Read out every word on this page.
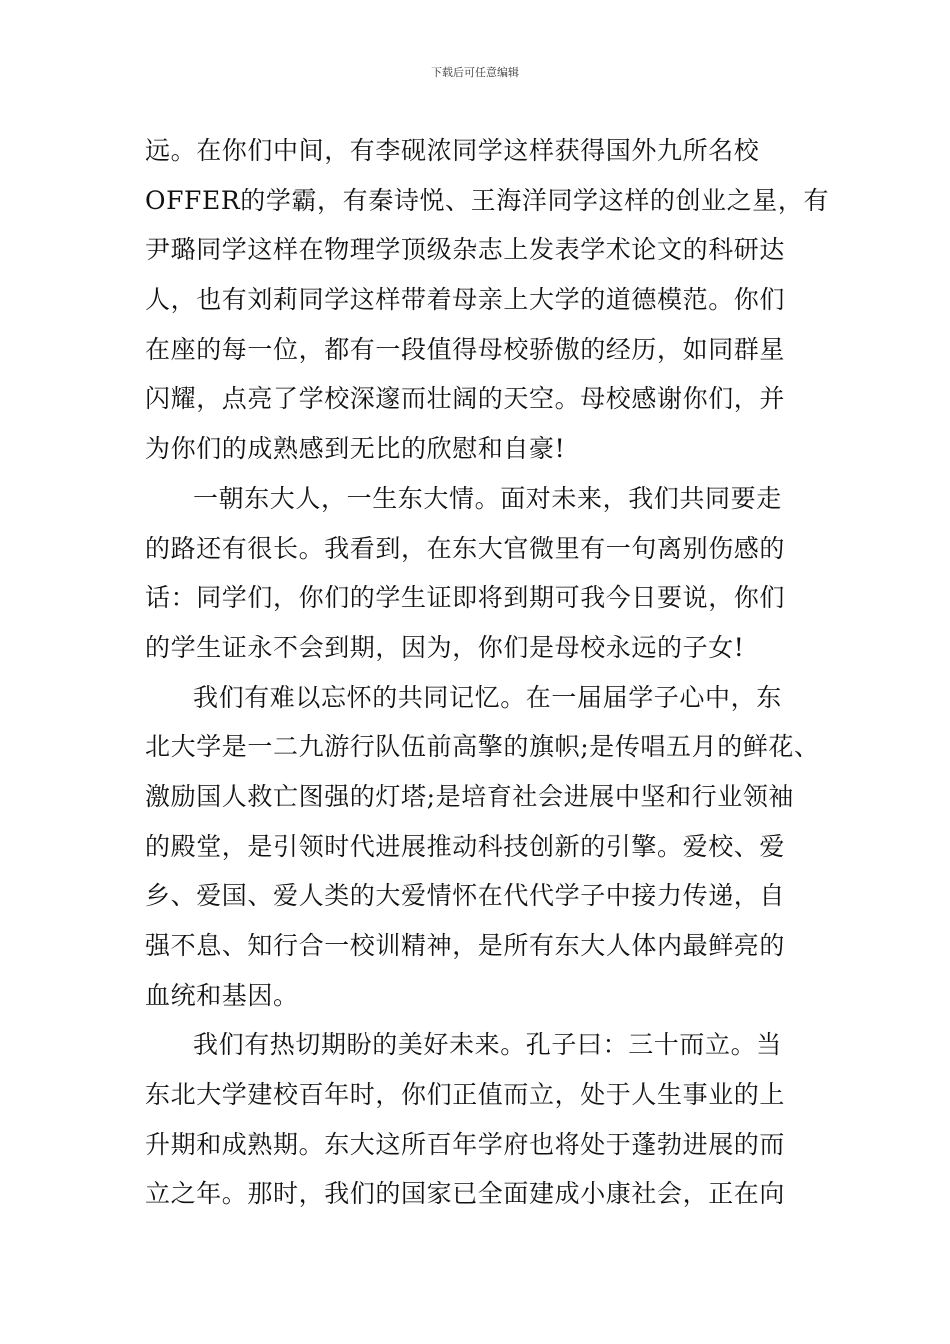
下载后可任意编辑
远。在你们中间，有李砚浓同学这样获得国外九所名校
OFFER的学霸，有秦诗悦、王海洋同学这样的创业之星，有
尹璐同学这样在物理学顶级杂志上发表学术论文的科研达
人，也有刘莉同学这样带着母亲上大学的道德模范。你们
在座的每一位，都有一段值得母校骄傲的经历，如同群星
闪耀，点亮了学校深邃而壮阔的天空。母校感谢你们，并
为你们的成熟感到无比的欣慰和自豪!
一朝东大人，一生东大情。面对未来，我们共同要走
的路还有很长。我看到，在东大官微里有一句离别伤感的
话：同学们，你们的学生证即将到期可我今日要说，你们
的学生证永不会到期，因为，你们是母校永远的子女!
我们有难以忘怀的共同记忆。在一届届学子心中，东
北大学是一二九游行队伍前高擎的旗帜;是传唱五月的鲜花、
激励国人救亡图强的灯塔;是培育社会进展中坚和行业领袖
的殿堂，是引领时代进展推动科技创新的引擎。爱校、爱
乡、爱国、爱人类的大爱情怀在代代学子中接力传递，自
强不息、知行合一校训精神，是所有东大人体内最鲜亮的
血统和基因。
我们有热切期盼的美好未来。孔子曰：三十而立。当
东北大学建校百年时，你们正值而立，处于人生事业的上
升期和成熟期。东大这所百年学府也将处于蓬勃进展的而
立之年。那时，我们的国家已全面建成小康社会，正在向
